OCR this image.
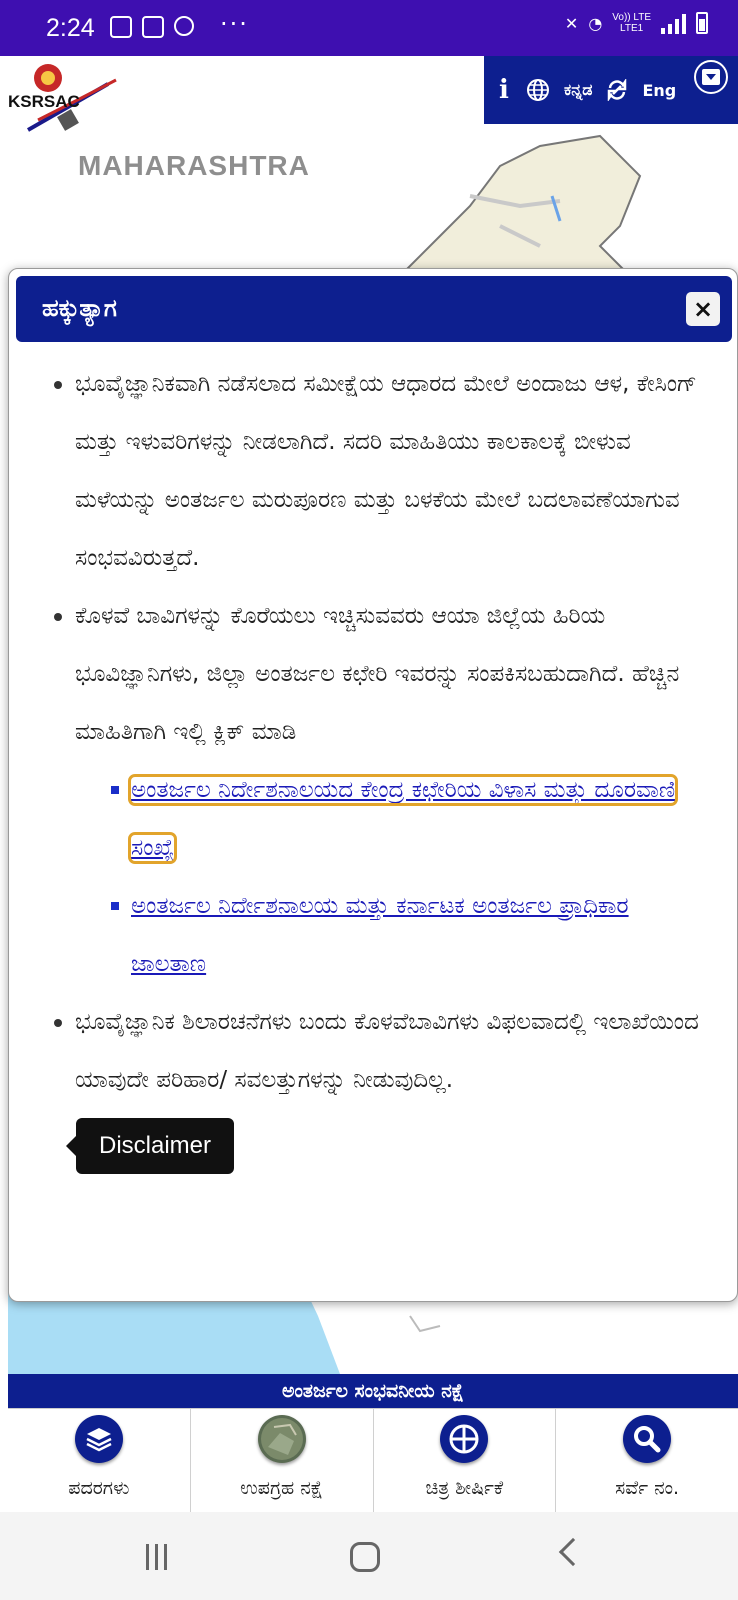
2:24	···	✕ ◔ Vo)) LTE
LTE1
KSRSAC
MAHARASHTRA
i	ಕನ್ನಡ	Eng
ಹಕ್ಕುತ್ಯಾಗ	×
ಭೂವೈಜ್ಞಾನಿಕವಾಗಿ ನಡೆಸಲಾದ ಸಮೀಕ್ಷೆಯ ಆಧಾರದ ಮೇಲೆ ಅಂದಾಜು ಆಳ, ಕೇಸಿಂಗ್ ಮತ್ತು ಇಳುವರಿಗಳನ್ನು ನೀಡಲಾಗಿದೆ. ಸದರಿ ಮಾಹಿತಿಯು ಕಾಲಕಾಲಕ್ಕೆ ಬೀಳುವ ಮಳೆಯನ್ನು ಅಂತರ್ಜಲ ಮರುಪೂರಣ ಮತ್ತು ಬಳಕೆಯ ಮೇಲೆ ಬದಲಾವಣೆಯಾಗುವ ಸಂಭವವಿರುತ್ತದೆ.
ಕೊಳವೆ ಬಾವಿಗಳನ್ನು ಕೊರೆಯಲು ಇಚ್ಚಿಸುವವರು ಆಯಾ ಜಿಲ್ಲೆಯ ಹಿರಿಯ ಭೂವಿಜ್ಞಾನಿಗಳು, ಜಿಲ್ಲಾ ಅಂತರ್ಜಲ ಕಛೇರಿ ಇವರನ್ನು ಸಂಪಕಿಸಬಹುದಾಗಿದೆ. ಹೆಚ್ಚಿನ ಮಾಹಿತಿಗಾಗಿ ಇಲ್ಲಿ ಕ್ಲಿಕ್ ಮಾಡಿ
ಅಂತರ್ಜಲ ನಿರ್ದೇಶನಾಲಯದ ಕೇಂದ್ರ ಕಛೇರಿಯ ವಿಳಾಸ ಮತ್ತು ದೂರವಾಣಿ ಸಂಖ್ಯೆ
ಅಂತರ್ಜಲ ನಿರ್ದೇಶನಾಲಯ ಮತ್ತು ಕರ್ನಾಟಕ ಅಂತರ್ಜಲ ಪ್ರಾಧಿಕಾರ ಜಾಲತಾಣ
ಭೂವೈಜ್ಞಾನಿಕ ಶಿಲಾರಚನೆಗಳು ಬಂದು ಕೊಳವೆಬಾವಿಗಳು ವಿಫಲವಾದಲ್ಲಿ ಇಲಾಖೆಯಿಂದ ಯಾವುದೇ ಪರಿಹಾರ/ ಸವಲತ್ತುಗಳನ್ನು ನೀಡುವುದಿಲ್ಲ.
Disclaimer
ಅಂತರ್ಜಲ ಸಂಭವನೀಯ ನಕ್ಷೆ
ಪದರಗಳು	ಉಪಗ್ರಹ ನಕ್ಷೆ	ಚಿತ್ರ ಶೀರ್ಷಿಕೆ	ಸರ್ವೆ ನಂ.
